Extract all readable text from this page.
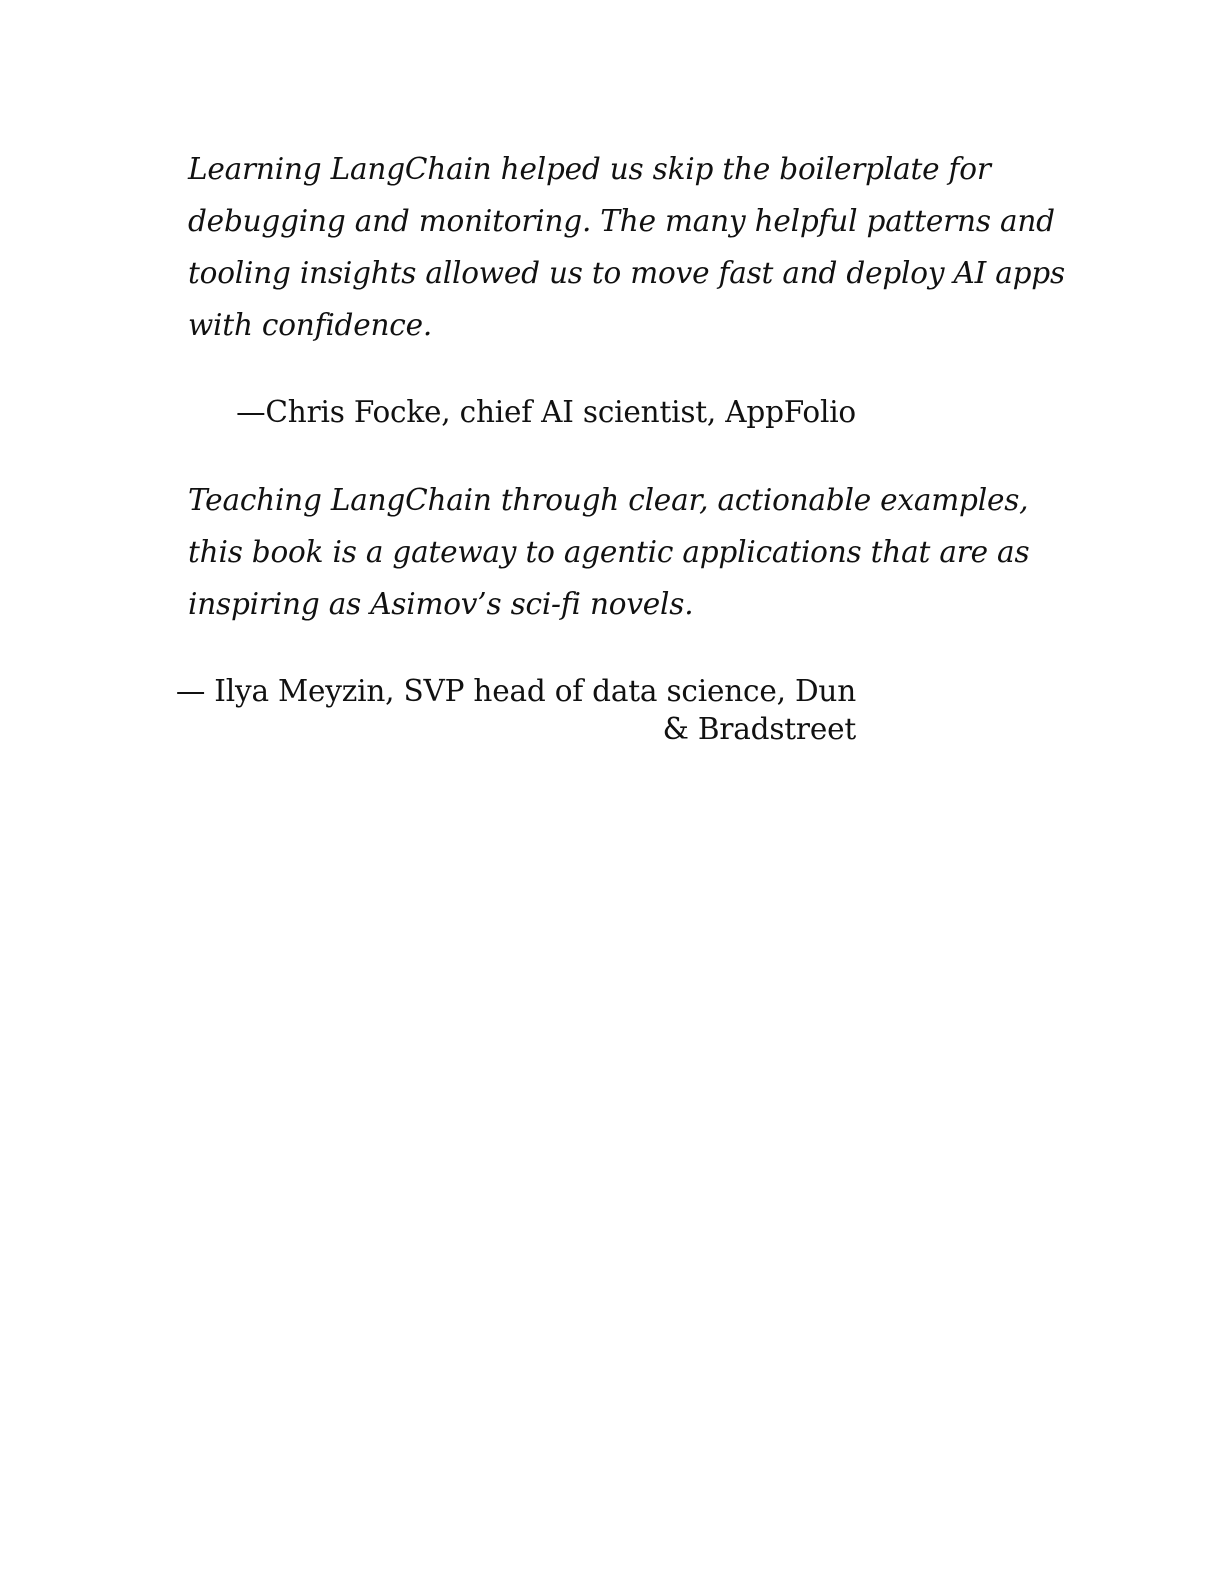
Learning LangChain helped us skip the boilerplate for
debugging and monitoring. The many helpful patterns and
tooling insights allowed us to move fast and deploy AI apps
with confidence.

—Chris Focke, chief AI scientist, AppFolio

Teaching LangChain through clear, actionable examples,
this book is a gateway to agentic applications that are as
inspiring as Asimov’s sci-fi novels.

— Ilya Meyzin, SVP head of data science, Dun
& Bradstreet
